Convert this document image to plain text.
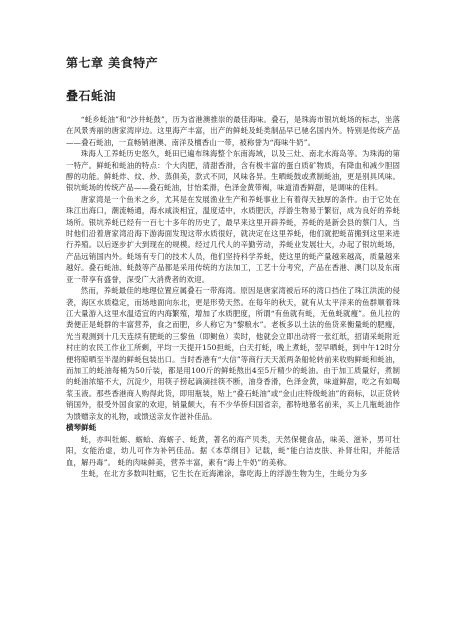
第七章 美食特产
叠石蚝油

“蚝乡蚝油”和“沙井蚝鼓”，历为省港澳推崇的最佳海味。叠石，是珠海市银坑蚝场的标志，坐落在风景秀丽的唐家湾岸边。这里海产丰富，出产的鲜蚝及蚝类制品早已驰名国内外。特别是传统产品——叠石蚝油，一直畅销港澳、南洋及檀香山一带，被称誉为“海味牛奶”。

珠海人工养蚝历史悠久，蚝田已遍布珠海整个东南海域，以及三灶、南北水海岛等。为珠海的第一特产。鲜蚝和蚝油的特点：个大肉肥，清甜香滑，含有极丰富的蛋白质矿物质，有降血和减少胆固醇的功能。鲜蚝炸、炆、炒、蒸俱美，款式不同，风味各异。生晒蚝鼓或煮制蚝油，更是别具风味。银坑蚝场的传统产品——叠石蚝油，甘怡柔滑，色泽金黄带褐，味道清香鲜甜，是调味的佳料。

唐家湾是一个鱼米之乡，尤其是在发展渔业生产和养蚝事业上有着得天独厚的条件。由于它处在珠江出海口，潮流畅通，海水咸淡相宜，温度适中，水质肥沃，浮游生物易于繁衍，成为良好的养蚝场所。银坑养蚝已经有一百七十多年的历史了，最早来这里开辟养蚝，养蚝的是新会县的蔡门人，当时他们沿着唐家湾沿海下游海面发现这带水质很好，就决定在这里养蚝，他们就把蚝苗搬到这里来进行养殖。以后逐步扩大到现在的规模。经过几代人的辛勤劳动，养蚝业发展壮大，办起了银坑蚝场，产品远销国内外。蚝场有专门的技术人员，他们坚持科学养蚝，使这里的蚝产量越来越高，质量越来越好。叠石蚝油、蚝鼓等产品都是采用传统的方法加工，工艺十分考究，产品在香港、澳门以及东南亚一带享有盛誉，深受广大消费者的欢迎。

然而，养蚝最佳的地理位置应属叠石一带海湾。原因是唐家湾被后环的湾口挡住了珠江洪流的侵袭，海区水质稳定，而场地面向东北，更是形势天然。在每年的秋天，就有从太平洋来的鱼群顺着珠江大量游入这里水温适宜的内海繁殖，增加了水质肥度，所谓“有鱼就有蚝，无鱼蚝就瘦”。鱼儿拉的粪便正是蚝群的丰富营养，食之而肥，乡人称它为“黎粮水”。老板多以土法的鱼货来衡量蚝的肥瘦，光当观测到十几天连续有肥蚝的三黎鱼（即鲥鱼）卖时，他就会立即出动将一张红纸，招请采蚝附近村庄的农民工作业工所剩，平均一天提开150担蚝，白天打蚝，晚上煮蚝，翌早晒蚝，到中午12时分便将晾晒至半湿的鲜蚝包装出口。当时香港有“大信”等商行天天派两条船轮转前来收购鲜蚝和蚝油，而加工的蚝油每桶为50斤装，都是用100斤的鲜蚝熬出4至5斤精少的蚝油。由于加工质量好，煮制的蚝油浓缩不大，沉淀少，用筷子捞起滴滴挂筷不断，油身香滑，色泽金黄，味道鲜甜，吃之有如喝浆玉液。那些香港商人购得此货，即用瓶装，贴上“叠石蚝油”或“金山庄特级蚝油”的商标，以正货转销国外，很受外国食家的欢迎，销量颇大，有不少华侨归国省亲，都特地慕名前来，买上几瓶蚝油作为馈赠亲友的礼物，或馈送亲友作滋补佳品。

横琴鲜蚝

蚝，亦叫牡蛎、蛎蛤、海蛎子、蚝黄，著名的海产贝类，天然保健食品，味美、滋补，男可壮阳，女能治虚，幼儿可作为补钙佳品。据《本草纲目》记载，蚝“能白洁皮肤、补肾壮阳，并能活血，解丹毒”。 蚝的肉味鲜美，营养丰富，素有“海上牛奶”的美称。

生蚝，在北方多数叫牡蛎，它生长在近海滩涂，靠吃海上的浮游生物为生，生蚝分为多
